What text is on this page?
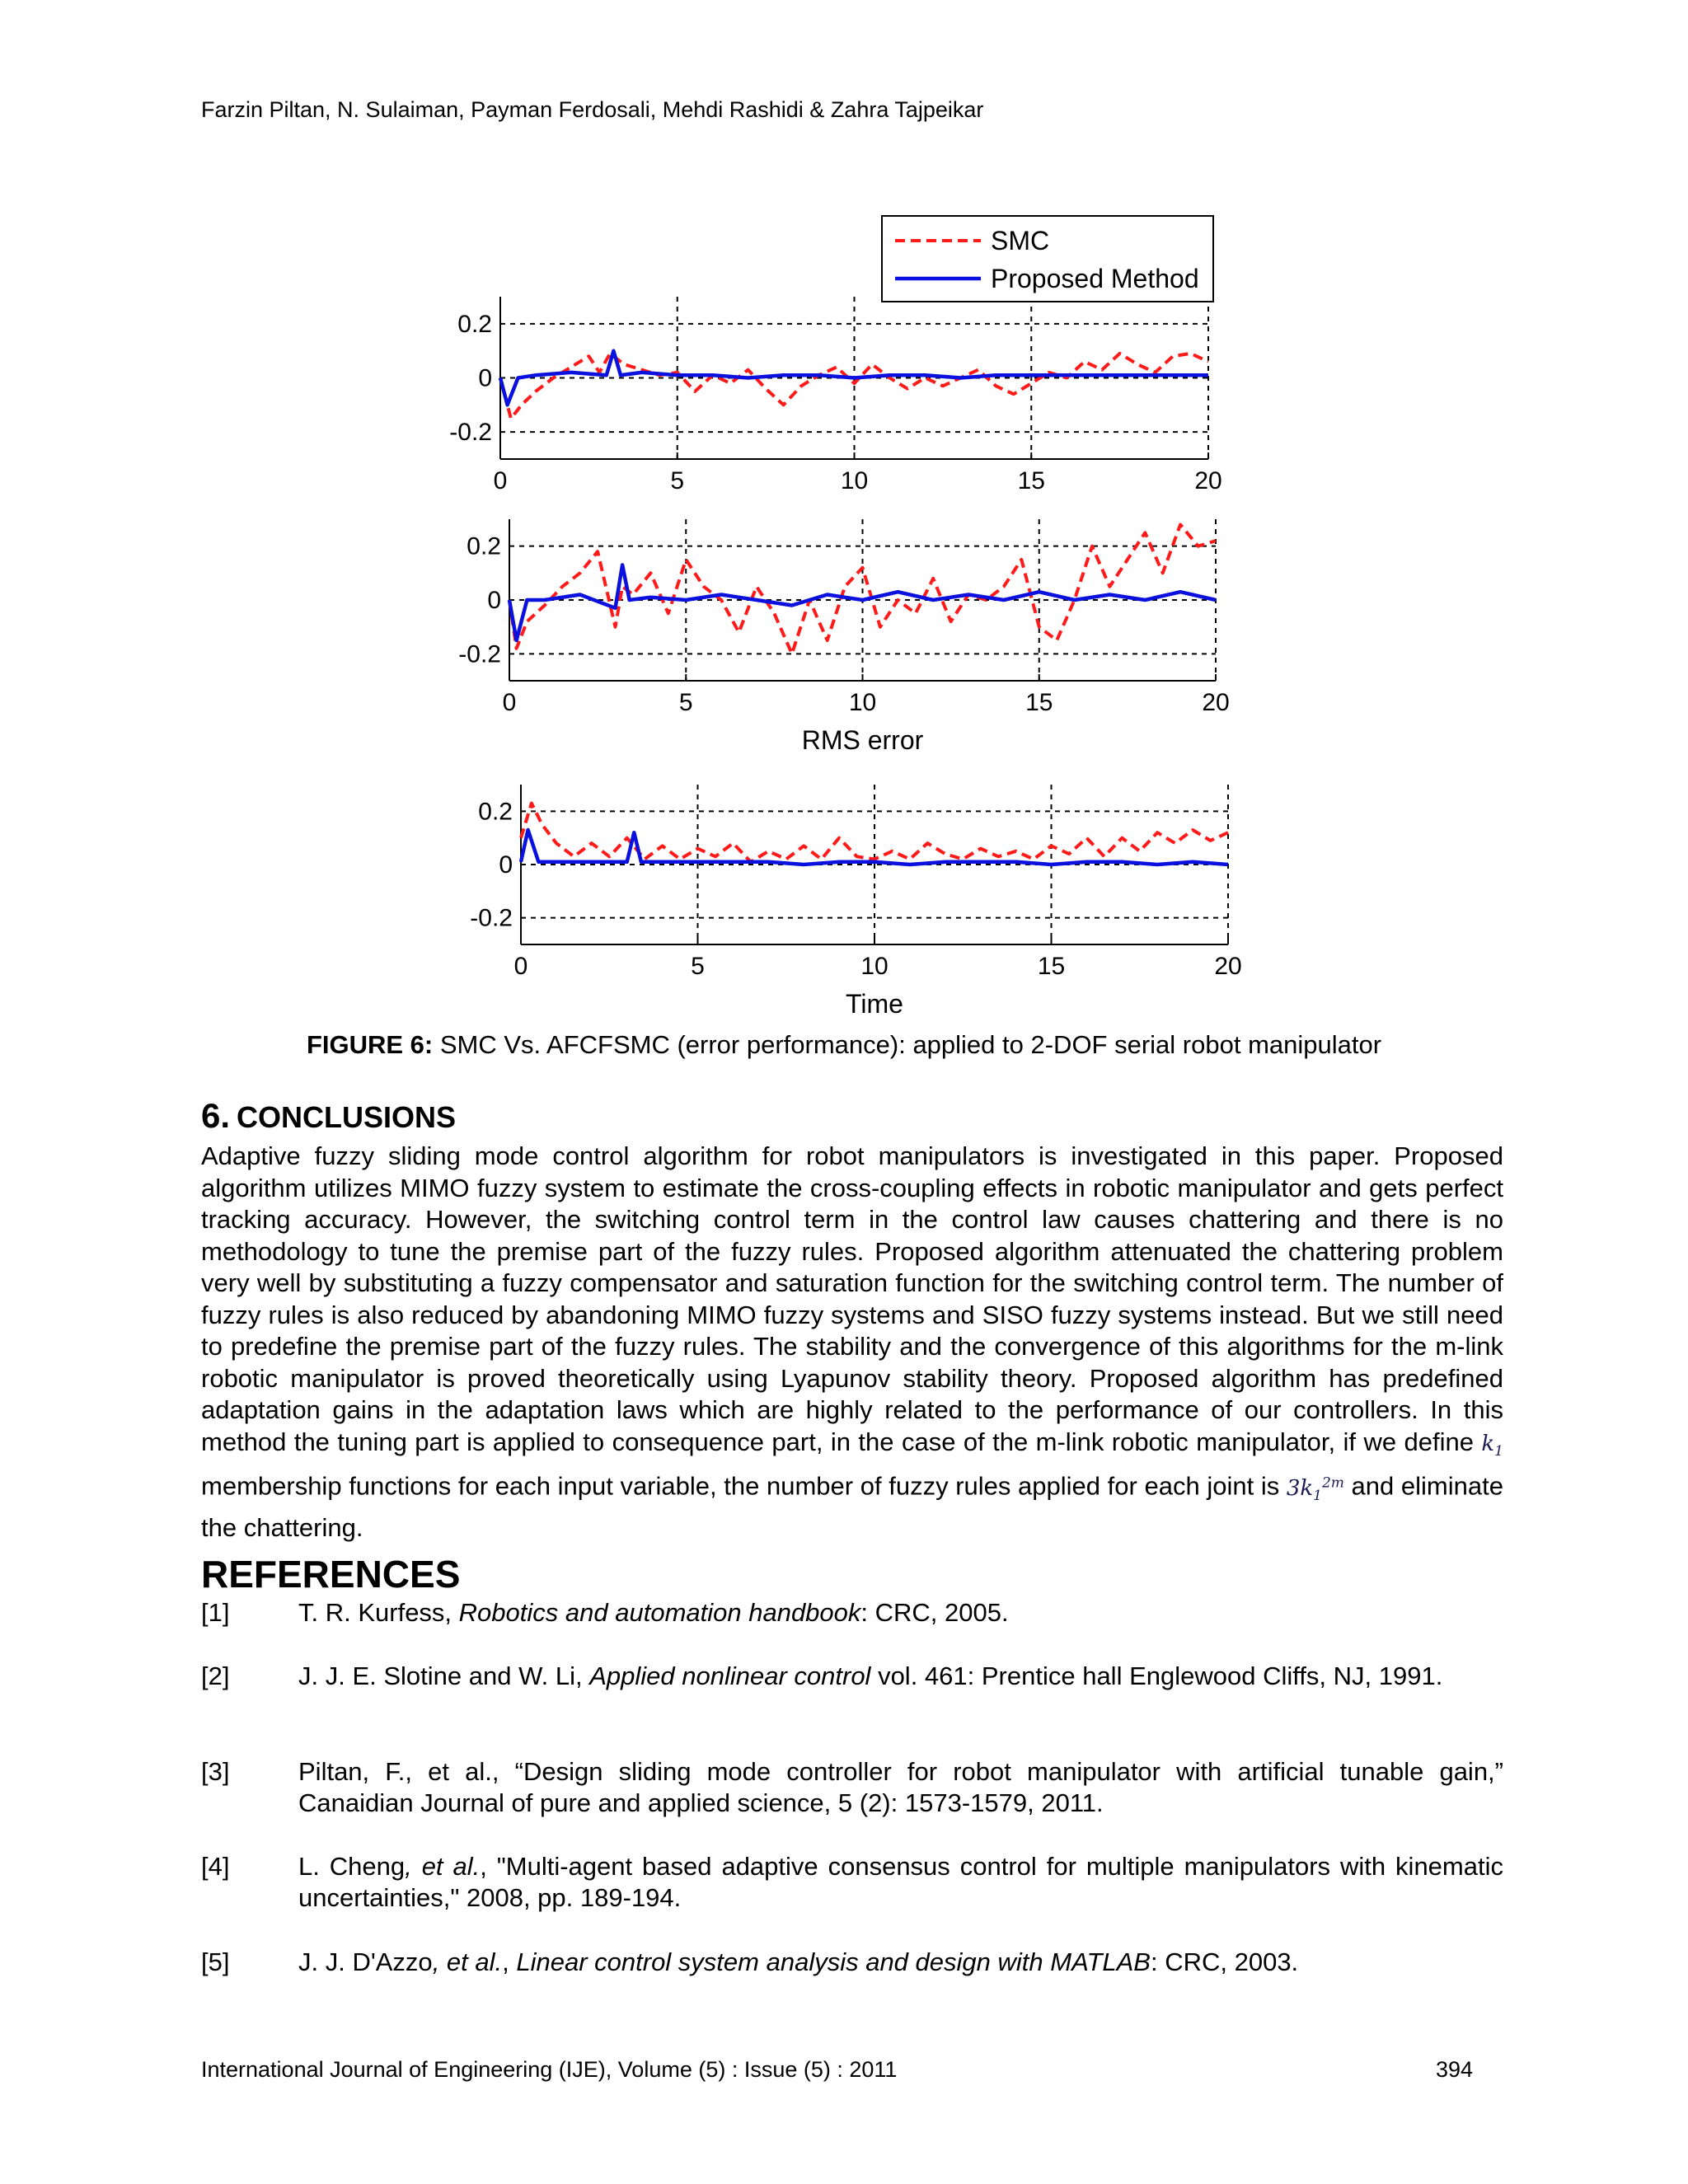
Farzin Piltan, N. Sulaiman, Payman Ferdosali, Mehdi Rashidi & Zahra Tajpeikar
0	5	10	15	20
0.2
0
-0.2
0	5	10	15	20
0.2
0
-0.2
RMS error
0	5	10	15	20
0.2
0
-0.2
Time
SMC
Proposed Method
FIGURE 6: SMC Vs. AFCFSMC (error performance): applied to 2-DOF serial robot manipulator
6. CONCLUSIONS

Adaptive fuzzy sliding mode control algorithm for robot manipulators is investigated in this paper. Proposed algorithm utilizes MIMO fuzzy system to estimate the cross-coupling effects in robotic manipulator and gets perfect tracking accuracy. However, the switching control term in the control law causes chattering and there is no methodology to tune the premise part of the fuzzy rules. Proposed algorithm attenuated the chattering problem very well by substituting a fuzzy compensator and saturation function for the switching control term. The number of fuzzy rules is also reduced by abandoning MIMO fuzzy systems and SISO fuzzy systems instead. But we still need to predefine the premise part of the fuzzy rules. The stability and the convergence of this algorithms for the m-link robotic manipulator is proved theoretically using Lyapunov stability theory. Proposed algorithm has predefined adaptation gains in the adaptation laws which are highly related to the performance of our controllers. In this method the tuning part is applied to consequence part, in the case of the m-link robotic manipulator, if we define $k_1$ membership functions for each input variable, the number of fuzzy rules applied for each joint is $3k_1^{2m}$ and eliminate the chattering.

REFERENCES
[1]	T. R. Kurfess, Robotics and automation handbook: CRC, 2005.
[2]	J. J. E. Slotine and W. Li, Applied nonlinear control vol. 461: Prentice hall Englewood Cliffs, NJ, 1991.
[3]	Piltan, F., et al., “Design sliding mode controller for robot manipulator with artificial tunable gain,” Canaidian Journal of pure and applied science, 5 (2): 1573-1579, 2011.
[4]	L. Cheng, et al., "Multi-agent based adaptive consensus control for multiple manipulators with kinematic uncertainties," 2008, pp. 189-194.
[5]	J. J. D'Azzo, et al., Linear control system analysis and design with MATLAB: CRC, 2003.
International Journal of Engineering (IJE), Volume (5) : Issue (5) : 2011	394
